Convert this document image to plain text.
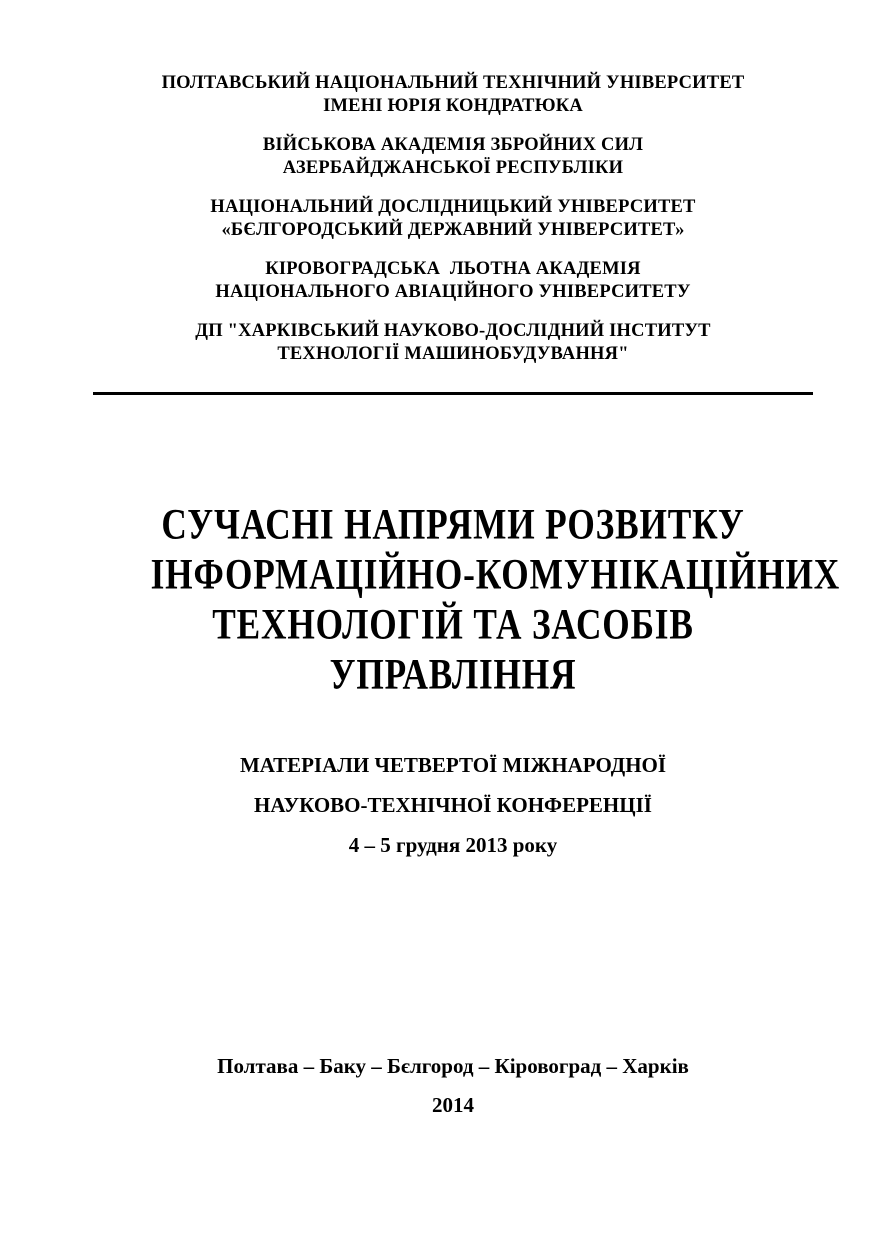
ПОЛТАВСЬКИЙ НАЦІОНАЛЬНИЙ ТЕХНІЧНИЙ УНІВЕРСИТЕТ
ІМЕНІ ЮРІЯ КОНДРАТЮКА
ВІЙСЬКОВА АКАДЕМІЯ ЗБРОЙНИХ СИЛ
АЗЕРБАЙДЖАНСЬКОЇ РЕСПУБЛІКИ
НАЦІОНАЛЬНИЙ ДОСЛІДНИЦЬКИЙ УНІВЕРСИТЕТ
«БЄЛГОРОДСЬКИЙ ДЕРЖАВНИЙ УНІВЕРСИТЕТ»
КІРОВОГРАДСЬКА  ЛЬОТНА АКАДЕМІЯ
НАЦІОНАЛЬНОГО АВІАЦІЙНОГО УНІВЕРСИТЕТУ
ДП "ХАРКІВСЬКИЙ НАУКОВО-ДОСЛІДНИЙ ІНСТИТУТ
ТЕХНОЛОГІЇ МАШИНОБУДУВАННЯ"
СУЧАСНІ НАПРЯМИ РОЗВИТКУ
ІНФОРМАЦІЙНО-КОМУНІКАЦІЙНИХ
ТЕХНОЛОГІЙ ТА ЗАСОБІВ
УПРАВЛІННЯ
МАТЕРІАЛИ ЧЕТВЕРТОЇ МІЖНАРОДНОЇ
НАУКОВО-ТЕХНІЧНОЇ КОНФЕРЕНЦІЇ
4 – 5 грудня 2013 року
Полтава – Баку – Бєлгород – Кіровоград – Харків
2014
